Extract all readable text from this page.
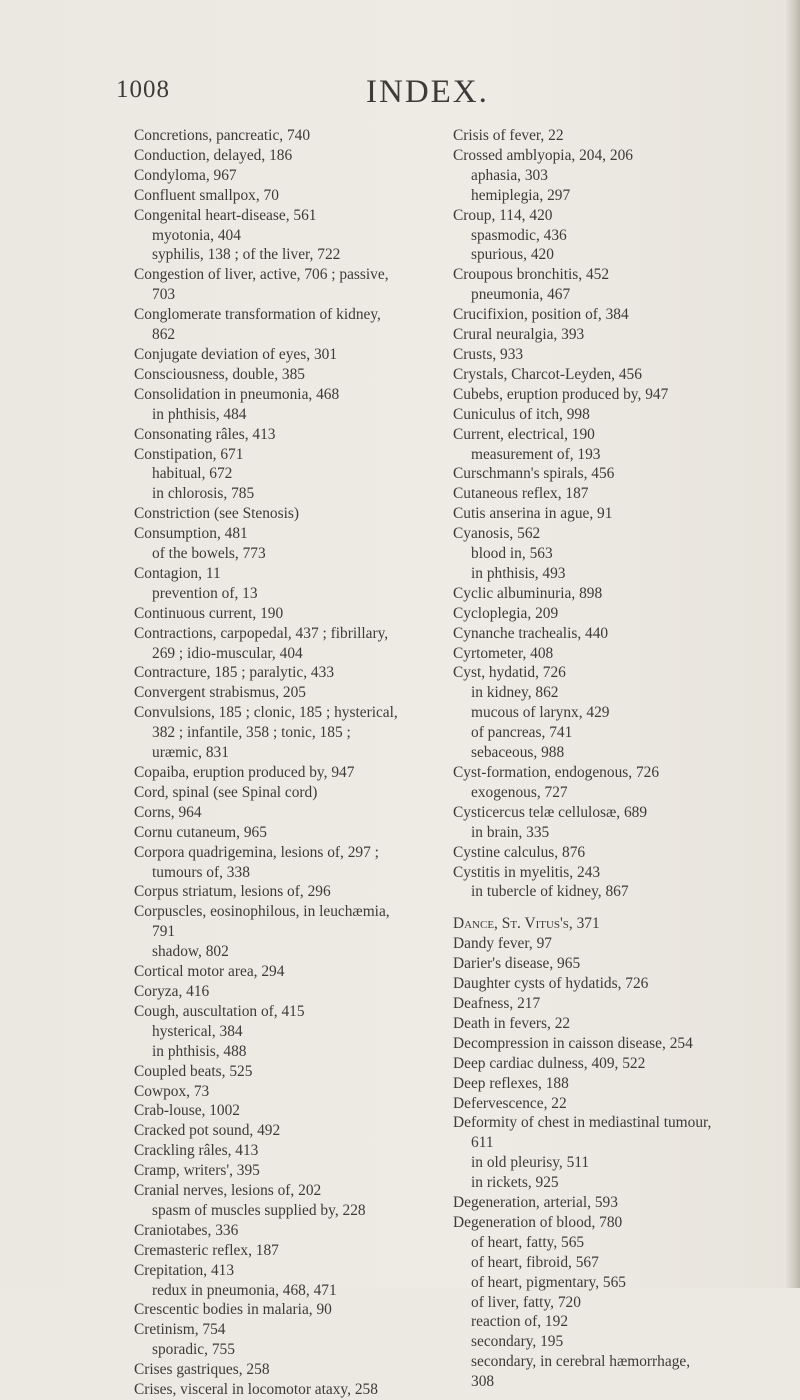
1008	INDEX.
Concretions, pancreatic, 740
Conduction, delayed, 186
Condyloma, 967
Confluent smallpox, 70
Congenital heart-disease, 561
myotonia, 404
syphilis, 138 ; of the liver, 722
Congestion of liver, active, 706 ; passive,
703
Conglomerate transformation of kidney,
862
Conjugate deviation of eyes, 301
Consciousness, double, 385
Consolidation in pneumonia, 468
in phthisis, 484
Consonating râles, 413
Constipation, 671
habitual, 672
in chlorosis, 785
Constriction (see Stenosis)
Consumption, 481
of the bowels, 773
Contagion, 11
prevention of, 13
Continuous current, 190
Contractions, carpopedal, 437 ; fibrillary,
269 ; idio-muscular, 404
Contracture, 185 ; paralytic, 433
Convergent strabismus, 205
Convulsions, 185 ; clonic, 185 ; hysterical,
382 ; infantile, 358 ; tonic, 185 ;
uræmic, 831
Copaiba, eruption produced by, 947
Cord, spinal (see Spinal cord)
Corns, 964
Cornu cutaneum, 965
Corpora quadrigemina, lesions of, 297 ;
tumours of, 338
Corpus striatum, lesions of, 296
Corpuscles, eosinophilous, in leuchæmia,
791
shadow, 802
Cortical motor area, 294
Coryza, 416
Cough, auscultation of, 415
hysterical, 384
in phthisis, 488
Coupled beats, 525
Cowpox, 73
Crab-louse, 1002
Cracked pot sound, 492
Crackling râles, 413
Cramp, writers', 395
Cranial nerves, lesions of, 202
spasm of muscles supplied by, 228
Craniotabes, 336
Cremasteric reflex, 187
Crepitation, 413
redux in pneumonia, 468, 471
Crescentic bodies in malaria, 90
Cretinism, 754
sporadic, 755
Crises gastriques, 258
Crises, visceral in locomotor ataxy, 258
Crisis of fever, 22
Crossed amblyopia, 204, 206
aphasia, 303
hemiplegia, 297
Croup, 114, 420
spasmodic, 436
spurious, 420
Croupous bronchitis, 452
pneumonia, 467
Crucifixion, position of, 384
Crural neuralgia, 393
Crusts, 933
Crystals, Charcot-Leyden, 456
Cubebs, eruption produced by, 947
Cuniculus of itch, 998
Current, electrical, 190
measurement of, 193
Curschmann's spirals, 456
Cutaneous reflex, 187
Cutis anserina in ague, 91
Cyanosis, 562
blood in, 563
in phthisis, 493
Cyclic albuminuria, 898
Cycloplegia, 209
Cynanche trachealis, 440
Cyrtometer, 408
Cyst, hydatid, 726
in kidney, 862
mucous of larynx, 429
of pancreas, 741
sebaceous, 988
Cyst-formation, endogenous, 726
exogenous, 727
Cysticercus telæ cellulosæ, 689
in brain, 335
Cystine calculus, 876
Cystitis in myelitis, 243
in tubercle of kidney, 867
Dance, St. Vitus's, 371
Dandy fever, 97
Darier's disease, 965
Daughter cysts of hydatids, 726
Deafness, 217
Death in fevers, 22
Decompression in caisson disease, 254
Deep cardiac dulness, 409, 522
Deep reflexes, 188
Defervescence, 22
Deformity of chest in mediastinal tumour,
611
in old pleurisy, 511
in rickets, 925
Degeneration, arterial, 593
Degeneration of blood, 780
of heart, fatty, 565
of heart, fibroid, 567
of heart, pigmentary, 565
of liver, fatty, 720
reaction of, 192
secondary, 195
secondary, in cerebral hæmorrhage,
308
